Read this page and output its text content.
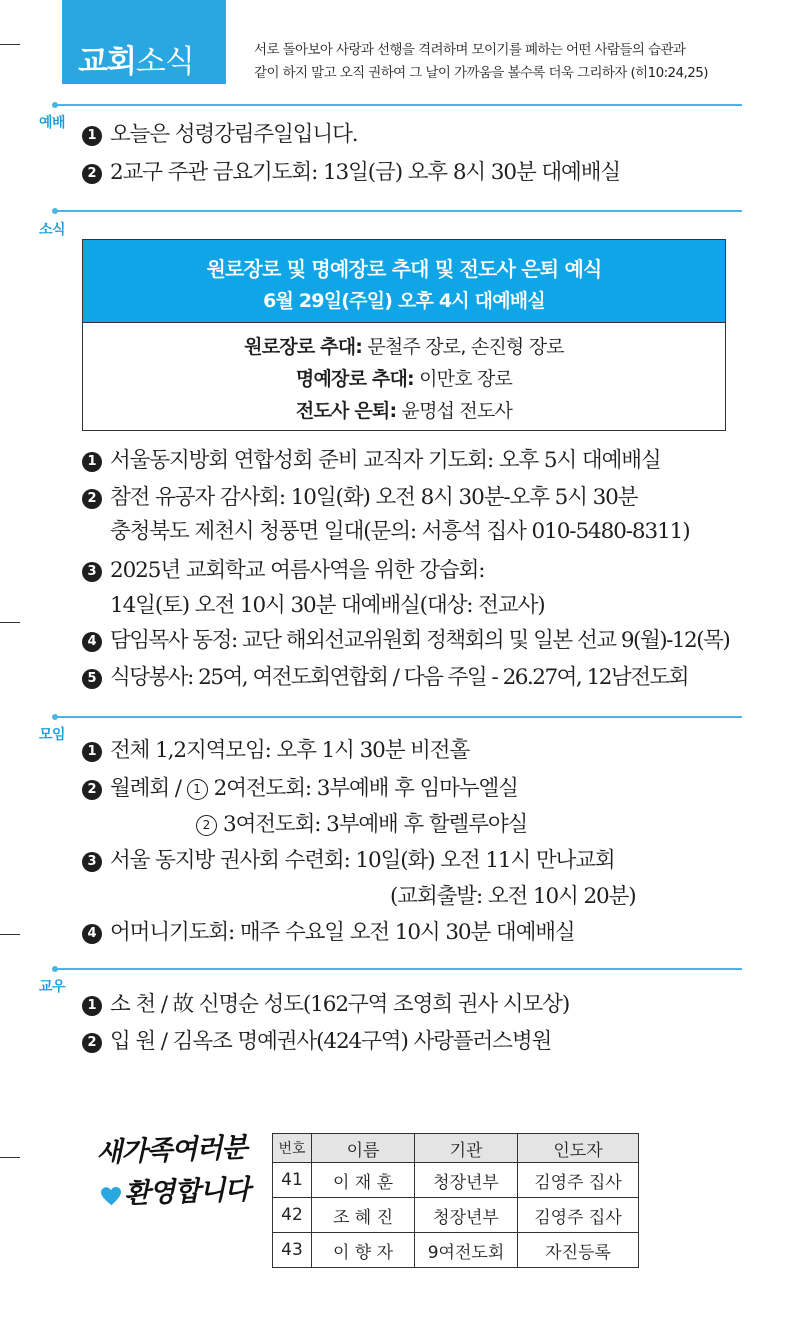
교회소식	서로 돌아보아 사랑과 선행을 격려하며 모이기를 폐하는 어떤 사람들의 습관과
같이 하지 말고 오직 권하여 그 날이 가까움을 볼수록 더욱 그리하자 (히10:24,25)
예배
1 오늘은 성령강림주일입니다.
2 2교구 주관 금요기도회: 13일(금) 오후 8시 30분 대예배실
소식
원로장로 및 명예장로 추대 및 전도사 은퇴 예식
6월 29일(주일) 오후 4시 대예배실
원로장로 추대: 문철주 장로, 손진형 장로
명예장로 추대: 이만호 장로
전도사 은퇴: 윤명섭 전도사
1 서울동지방회 연합성회 준비 교직자 기도회: 오후 5시 대예배실
2 참전 유공자 감사회: 10일(화) 오전 8시 30분-오후 5시 30분
충청북도 제천시 청풍면 일대(문의: 서흥석 집사 010-5480-8311)
3 2025년 교회학교 여름사역을 위한 강습회:
14일(토) 오전 10시 30분 대예배실(대상: 전교사)
4 담임목사 동정: 교단 해외선교위원회 정책회의 및 일본 선교 9(월)-12(목)
5 식당봉사: 25여, 여전도회연합회 / 다음 주일 - 26.27여, 12남전도회
모임
1 전체 1,2지역모임: 오후 1시 30분 비전홀
2 월례회 / 1 2여전도회: 3부예배 후 임마누엘실
2 3여전도회: 3부예배 후 할렐루야실
3 서울 동지방 권사회 수련회: 10일(화) 오전 11시 만나교회
(교회출발: 오전 10시 20분)
4 어머니기도회: 매주 수요일 오전 10시 30분 대예배실
교우
1 소 천 / 故 신명순 성도(162구역 조영희 권사 시모상)
2 입 원 / 김옥조 명예권사(424구역) 사랑플러스병원
새가족여러분
환영합니다
번호	이름	기관	인도자
41	이 재 훈	청장년부	김영주 집사
42	조 혜 진	청장년부	김영주 집사
43	이 향 자	9여전도회	자진등록
